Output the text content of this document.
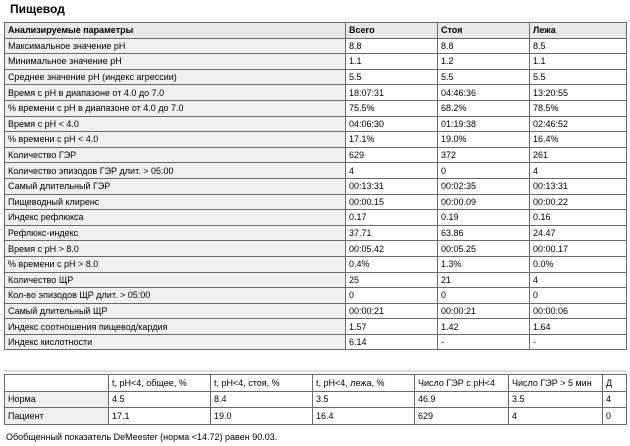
Пищевод
Анализируемые параметры	Всего	Стоя	Лежа
Максимальное значение pH	8.8	8.8	8.5
Минимальное значение pH	1.1	1.2	1.1
Среднее значение pH (индекс агрессии)	5.5	5.5	5.5
Время с pH в диапазоне от 4.0 до 7.0	18:07:31	04:46:36	13:20:55
% времени с pH в диапазоне от 4.0 до 7.0	75.5%	68.2%	78.5%
Время с pH < 4.0	04:06:30	01:19:38	02:46:52
% времени с pH < 4.0	17.1%	19.0%	16.4%
Количество ГЭР	629	372	261
Количество эпизодов ГЭР длит. > 05:00	4	0	4
Самый длительный ГЭР	00:13:31	00:02:35	00:13:31
Пищеводный клиренс	00:00.15	00:00.09	00:00.22
Индекс рефлюкса	0.17	0.19	0.16
Рефлюкс-индекс	37.71	63.86	24.47
Время с pH > 8.0	00:05.42	00:05.25	00:00.17
% времени с pH > 8.0	0.4%	1.3%	0.0%
Количество ЩР	25	21	4
Кол-во эпизодов ЩР длит. > 05:00	0	0	0
Самый длительный ЩР	00:00:21	00:00:21	00:00:06
Индекс соотношения пищевод/кардия	1.57	1.42	1.64
Индекс кислотности	6.14	-	-
	t, pH<4, общее, %	t, pH<4, стоя, %	t, pH<4, лежа, %	Число ГЭР с pH<4	Число ГЭР > 5 мин	Д
Норма	4.5	8.4	3.5	46.9	3.5	4
Пациент	17.1	19.0	16.4	629	4	0
Обобщенный показатель DeMeester (норма <14.72) равен 90.03.
